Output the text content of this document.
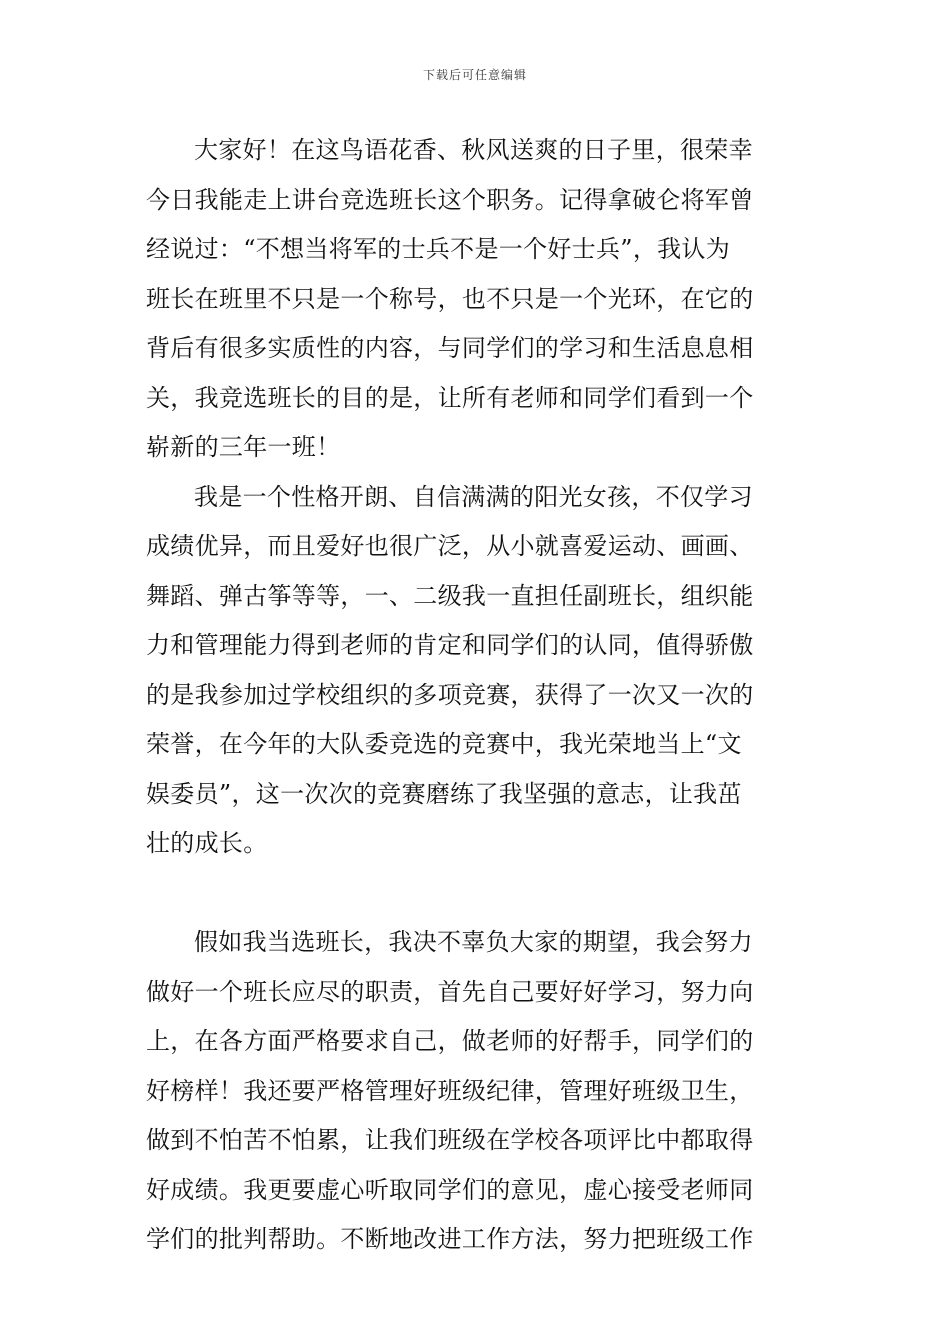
下载后可任意编辑
大家好！在这鸟语花香、秋风送爽的日子里，很荣幸
今日我能走上讲台竞选班长这个职务。记得拿破仑将军曾
经说过：“不想当将军的士兵不是一个好士兵”，我认为
班长在班里不只是一个称号，也不只是一个光环，在它的
背后有很多实质性的内容，与同学们的学习和生活息息相
关，我竞选班长的目的是，让所有老师和同学们看到一个
崭新的三年一班！
我是一个性格开朗、自信满满的阳光女孩，不仅学习
成绩优异，而且爱好也很广泛，从小就喜爱运动、画画、
舞蹈、弹古筝等等，一、二级我一直担任副班长，组织能
力和管理能力得到老师的肯定和同学们的认同，值得骄傲
的是我参加过学校组织的多项竞赛，获得了一次又一次的
荣誉，在今年的大队委竞选的竞赛中，我光荣地当上“文
娱委员”，这一次次的竞赛磨练了我坚强的意志，让我茁
壮的成长。
假如我当选班长，我决不辜负大家的期望，我会努力
做好一个班长应尽的职责，首先自己要好好学习，努力向
上，在各方面严格要求自己，做老师的好帮手，同学们的
好榜样！我还要严格管理好班级纪律，管理好班级卫生，
做到不怕苦不怕累，让我们班级在学校各项评比中都取得
好成绩。我更要虚心听取同学们的意见，虚心接受老师同
学们的批判帮助。不断地改进工作方法，努力把班级工作
